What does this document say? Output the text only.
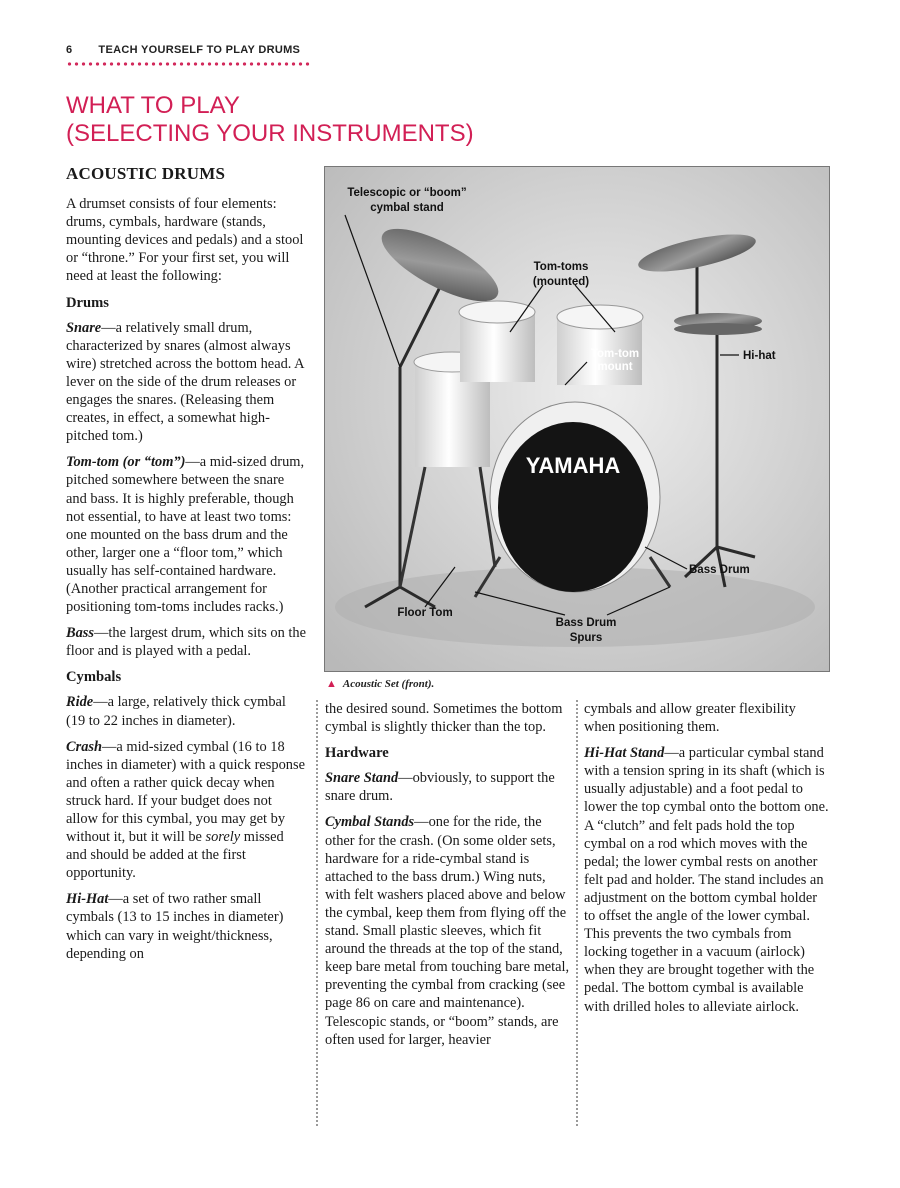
6 TEACH YOURSELF TO PLAY DRUMS
WHAT TO PLAY
(SELECTING YOUR INSTRUMENTS)
ACOUSTIC DRUMS

A drumset consists of four elements: drums, cymbals, hardware (stands, mounting devices and pedals) and a stool or “throne.” For your first set, you will need at least the following:

Drums

Snare—a relatively small drum, characterized by snares (almost always wire) stretched across the bottom head. A lever on the side of the drum releases or engages the snares. (Releasing them creates, in effect, a somewhat high-pitched tom.)

Tom-tom (or “tom”)—a mid-sized drum, pitched somewhere between the snare and bass. It is highly preferable, though not essential, to have at least two toms: one mounted on the bass drum and the other, larger one a “floor tom,” which usually has self-contained hardware. (Another practical arrangement for positioning tom-toms includes racks.)

Bass—the largest drum, which sits on the floor and is played with a pedal.

Cymbals

Ride—a large, relatively thick cymbal (19 to 22 inches in diameter).

Crash—a mid-sized cymbal (16 to 18 inches in diameter) with a quick response and often a rather quick decay when struck hard. If your budget does not allow for this cymbal, you may get by without it, but it will be sorely missed and should be added at the first opportunity.

Hi-Hat—a set of two rather small cymbals (13 to 15 inches in diameter) which can vary in weight/thickness, depending on

YAMAHA
Telescopic or “boom”
cymbal stand
Tom-toms
(mounted)
Tom-tom
mount
Hi-hat
Bass Drum
Floor Tom
Bass Drum
Spurs
▲ Acoustic Set (front).

the desired sound. Sometimes the bottom cymbal is slightly thicker than the top.

Hardware

Snare Stand—obviously, to support the snare drum.

Cymbal Stands—one for the ride, the other for the crash. (On some older sets, hardware for a ride-cymbal stand is attached to the bass drum.) Wing nuts, with felt washers placed above and below the cymbal, keep them from flying off the stand. Small plastic sleeves, which fit around the threads at the top of the stand, keep bare metal from touching bare metal, preventing the cymbal from cracking (see page 86 on care and maintenance). Telescopic stands, or “boom” stands, are often used for larger, heavier

cymbals and allow greater flexibility when positioning them.

Hi-Hat Stand—a particular cymbal stand with a tension spring in its shaft (which is usually adjustable) and a foot pedal to lower the top cymbal onto the bottom one. A “clutch” and felt pads hold the top cymbal on a rod which moves with the pedal; the lower cymbal rests on another felt pad and holder. The stand includes an adjustment on the bottom cymbal holder to offset the angle of the lower cymbal. This prevents the two cymbals from locking together in a vacuum (airlock) when they are brought together with the pedal. The bottom cymbal is available with drilled holes to alleviate airlock.
